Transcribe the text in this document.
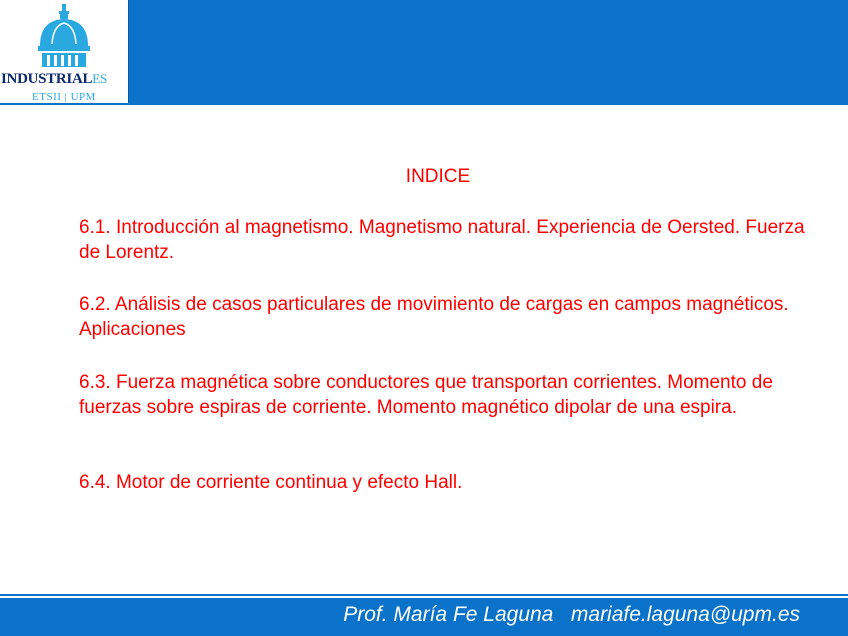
INDUSTRIALES
ETSII | UPM
INDICE
6.1. Introducción al magnetismo. Magnetismo natural. Experiencia de Oersted. Fuerza de Lorentz.
6.2. Análisis de casos particulares de movimiento de cargas en campos magnéticos. Aplicaciones
6.3. Fuerza magnética sobre conductores que transportan corrientes. Momento de fuerzas sobre espiras de corriente. Momento magnético dipolar de una espira.
6.4. Motor de corriente continua y efecto Hall.
Prof. María Fe Laguna mariafe.laguna@upm.es
